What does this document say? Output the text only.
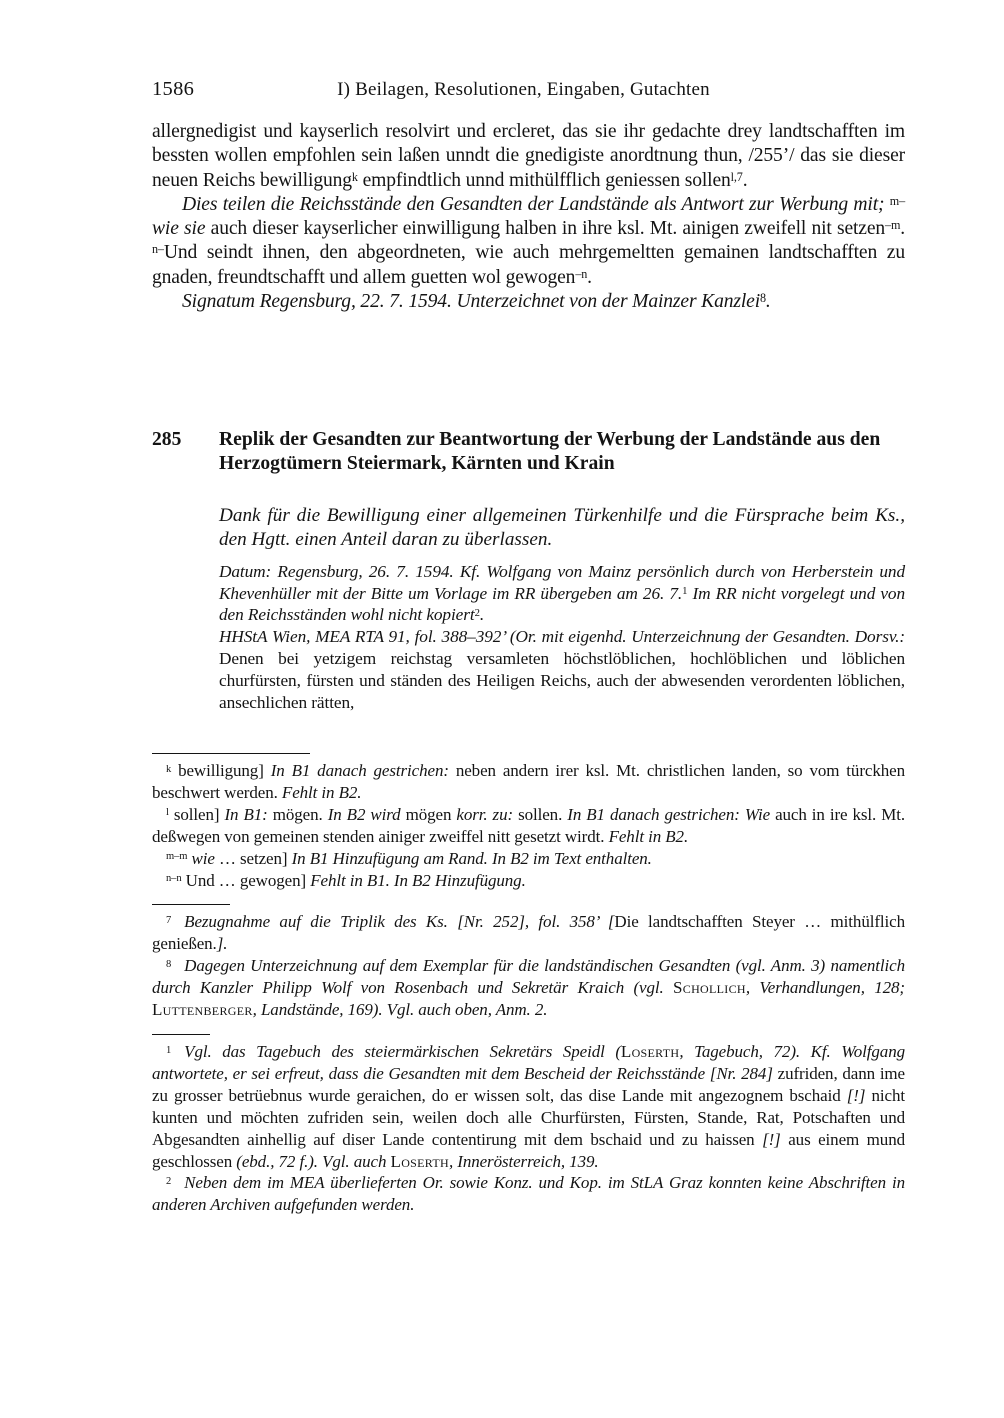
1586	I) Beilagen, Resolutionen, Eingaben, Gutachten

allergnedigist und kayserlich resolvirt und ercleret, das sie ihr gedachte drey landtschafften im bessten wollen empfohlen sein laßen unndt die gnedigiste anordtnung thun, /255’/ das sie dieser neuen Reichs bewilligung$^k$ empfindtlich unnd mithülfflich geniessen sollen$^{l,7}$.

Dies teilen die Reichsstände den Gesandten der Landstände als Antwort zur Werbung mit; $^{m-}$wie sie auch dieser kayserlicher einwilligung halben in ihre ksl. Mt. ainigen zweifell nit setzen$^{-m}$. $^{n-}$Und seindt ihnen, den abgeordneten, wie auch mehrgemeltten gemainen landtschafften zu gnaden, freundtschafft und allem guetten wol gewogen$^{-n}$.

Signatum Regensburg, 22. 7. 1594. Unterzeichnet von der Mainzer Kanzlei$^8$.

285	Replik der Gesandten zur Beantwortung der Werbung der Landstände aus den Herzogtümern Steiermark, Kärnten und Krain

Dank für die Bewilligung einer allgemeinen Türkenhilfe und die Fürsprache beim Ks., den Hgtt. einen Anteil daran zu überlassen.

Datum: Regensburg, 26. 7. 1594. Kf. Wolfgang von Mainz persönlich durch von Herberstein und Khevenhüller mit der Bitte um Vorlage im RR übergeben am 26. 7.$^1$ Im RR nicht vorgelegt und von den Reichsständen wohl nicht kopiert$^2$.

HHStA Wien, MEA RTA 91, fol. 388–392’ (Or. mit eigenhd. Unterzeichnung der Gesandten. Dorsv.: Denen bei yetzigem reichstag versamleten höchstlöblichen, hochlöblichen und löblichen churfürsten, fürsten und ständen des Heiligen Reichs, auch der abwesenden verordenten löblichen, ansechlichen rätten,

$^k$ bewilligung] In B1 danach gestrichen: neben andern irer ksl. Mt. christlichen landen, so vom türckhen beschwert werden. Fehlt in B2.

$^l$ sollen] In B1: mögen. In B2 wird mögen korr. zu: sollen. In B1 danach gestrichen: Wie auch in ire ksl. Mt. deßwegen von gemeinen stenden ainiger zweiffel nitt gesetzt wirdt. Fehlt in B2.

$^{m-m}$ wie … setzen] In B1 Hinzufügung am Rand. In B2 im Text enthalten.

$^{n-n}$ Und … gewogen] Fehlt in B1. In B2 Hinzufügung.

$^7$ Bezugnahme auf die Triplik des Ks. [Nr. 252], fol. 358’ [Die landtschafften Steyer … mithülflich genießen.].

$^8$ Dagegen Unterzeichnung auf dem Exemplar für die landständischen Gesandten (vgl. Anm. 3) namentlich durch Kanzler Philipp Wolf von Rosenbach und Sekretär Kraich (vgl. Schollich, Verhandlungen, 128; Luttenberger, Landstände, 169). Vgl. auch oben, Anm. 2.

$^1$ Vgl. das Tagebuch des steiermärkischen Sekretärs Speidl (Loserth, Tagebuch, 72). Kf. Wolfgang antwortete, er sei erfreut, dass die Gesandten mit dem Bescheid der Reichsstände [Nr. 284] zufriden, dann ime zu grosser betrüebnus wurde geraichen, do er wissen solt, das dise Lande mit angezognem bschaid [!] nicht kunten und möchten zufriden sein, weilen doch alle Churfürsten, Fürsten, Stande, Rat, Potschaften und Abgesandten ainhellig auf diser Lande contentirung mit dem bschaid und zu haissen [!] aus einem mund geschlossen (ebd., 72 f.). Vgl. auch Loserth, Innerösterreich, 139.

$^2$ Neben dem im MEA überlieferten Or. sowie Konz. und Kop. im StLA Graz konnten keine Abschriften in anderen Archiven aufgefunden werden.
